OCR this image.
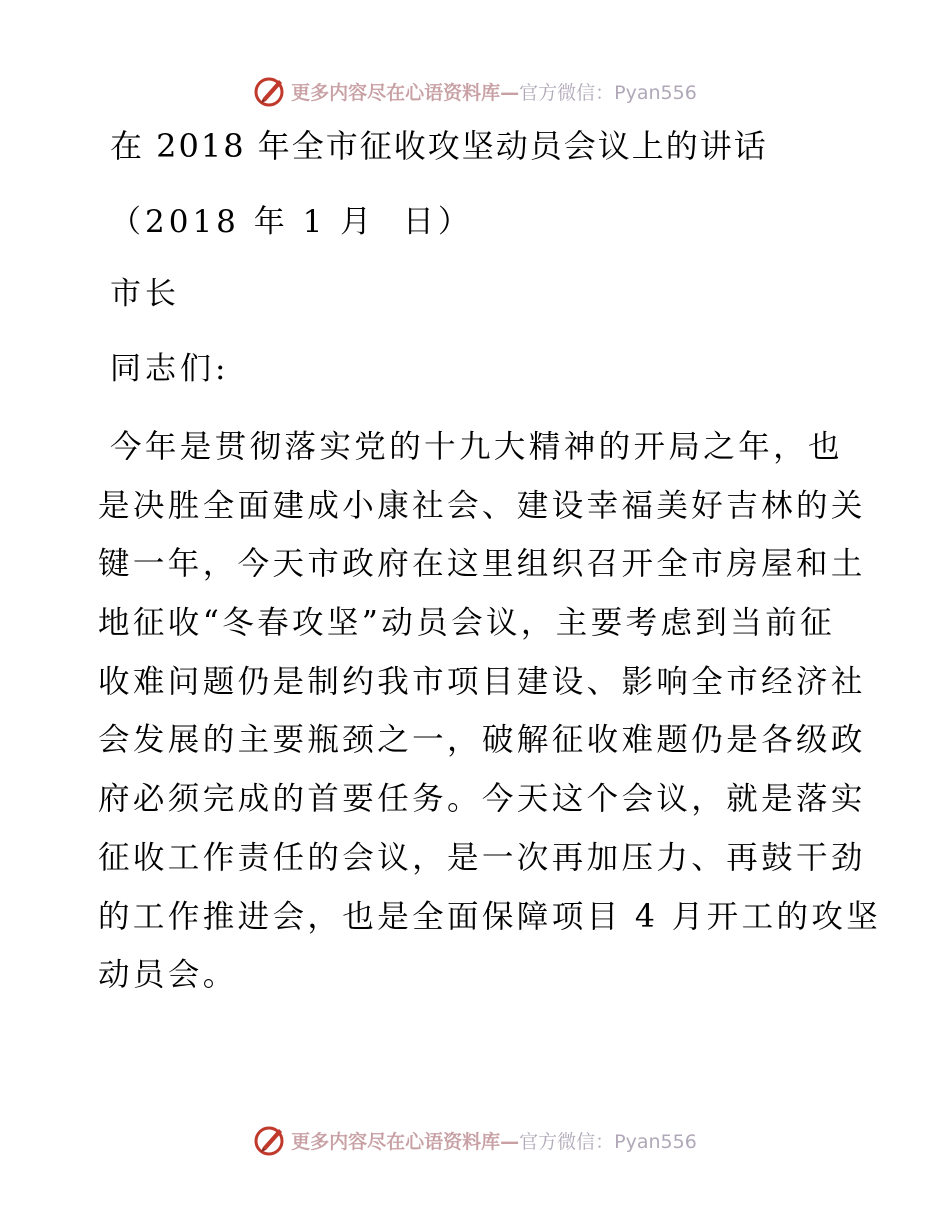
更多内容尽在心语资料库—官方微信：Pyan556
在 2018 年全市征收攻坚动员会议上的讲话
（2018 年 1 月  日）
市长
同志们:
今年是贯彻落实党的十九大精神的开局之年，也
是决胜全面建成小康社会、建设幸福美好吉林的关
键一年，今天市政府在这里组织召开全市房屋和土
地征收“冬春攻坚”动员会议，主要考虑到当前征
收难问题仍是制约我市项目建设、影响全市经济社
会发展的主要瓶颈之一，破解征收难题仍是各级政
府必须完成的首要任务。今天这个会议，就是落实
征收工作责任的会议，是一次再加压力、再鼓干劲
的工作推进会，也是全面保障项目 4 月开工的攻坚
动员会。
更多内容尽在心语资料库—官方微信：Pyan556
